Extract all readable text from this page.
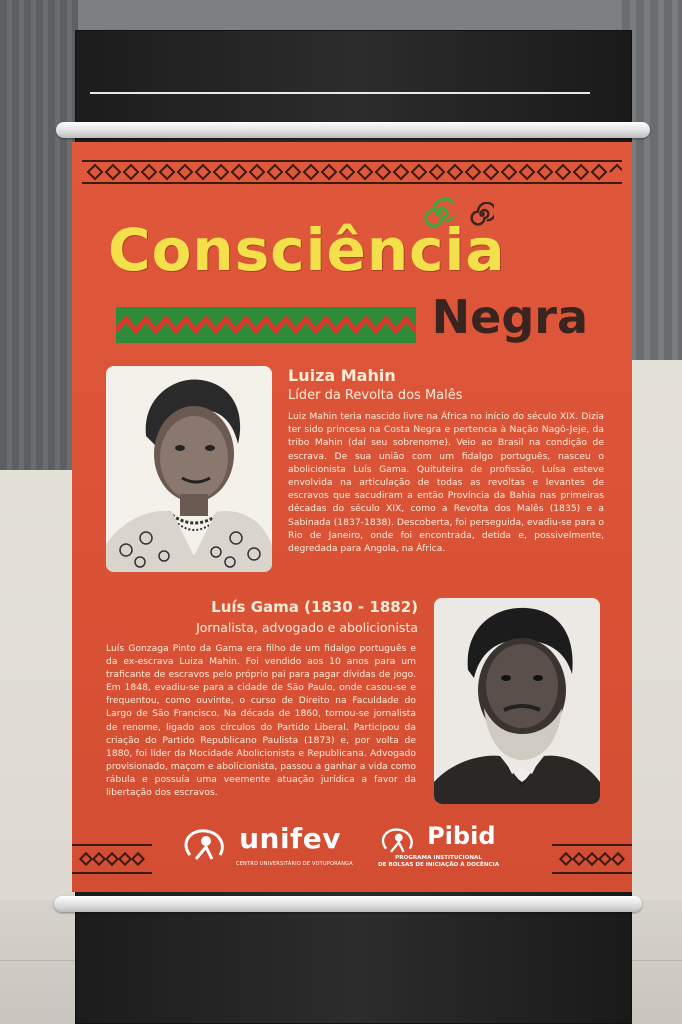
Consciência
Negra
Luiza Mahin
Líder da Revolta dos Malês
Luiz Mahin teria nascido livre na África no início do século XIX. Dizia ter sido princesa na Costa Negra e pertencia à Nação Nagô-Jeje, da tribo Mahin (daí seu sobrenome). Veio ao Brasil na condição de escrava. De sua união com um fidalgo português, nasceu o abolicionista Luís Gama. Quituteira de profissão, Luísa esteve envolvida na articulação de todas as revoltas e levantes de escravos que sacudiram a então Província da Bahia nas primeiras décadas do século XIX, como a Revolta dos Malês (1835) e a Sabinada (1837-1838). Descoberta, foi perseguida, evadiu-se para o Rio de Janeiro, onde foi encontrada, detida e, possivelmente, degredada para Angola, na África.
Luís Gama (1830 - 1882)
Jornalista, advogado e abolicionista
Luís Gonzaga Pinto da Gama era filho de um fidalgo português e da ex-escrava Luiza Mahin. Foi vendido aos 10 anos para um traficante de escravos pelo próprio pai para pagar dívidas de jogo. Em 1848, evadiu-se para a cidade de São Paulo, onde casou-se e frequentou, como ouvinte, o curso de Direito na Faculdade do Largo de São Francisco. Na década de 1860, tornou-se jornalista de renome, ligado aos círculos do Partido Liberal. Participou da criação do Partido Republicano Paulista (1873) e, por volta de 1880, foi líder da Mocidade Abolicionista e Republicana. Advogado provisionado, maçom e abolicionista, passou a ganhar a vida como rábula e possuía uma veemente atuação jurídica a favor da libertação dos escravos.
unifev
CENTRO UNIVERSITÁRIO DE VOTUPORANGA
Pibid
PROGRAMA INSTITUCIONAL
DE BOLSAS DE INICIAÇÃO À DOCÊNCIA
